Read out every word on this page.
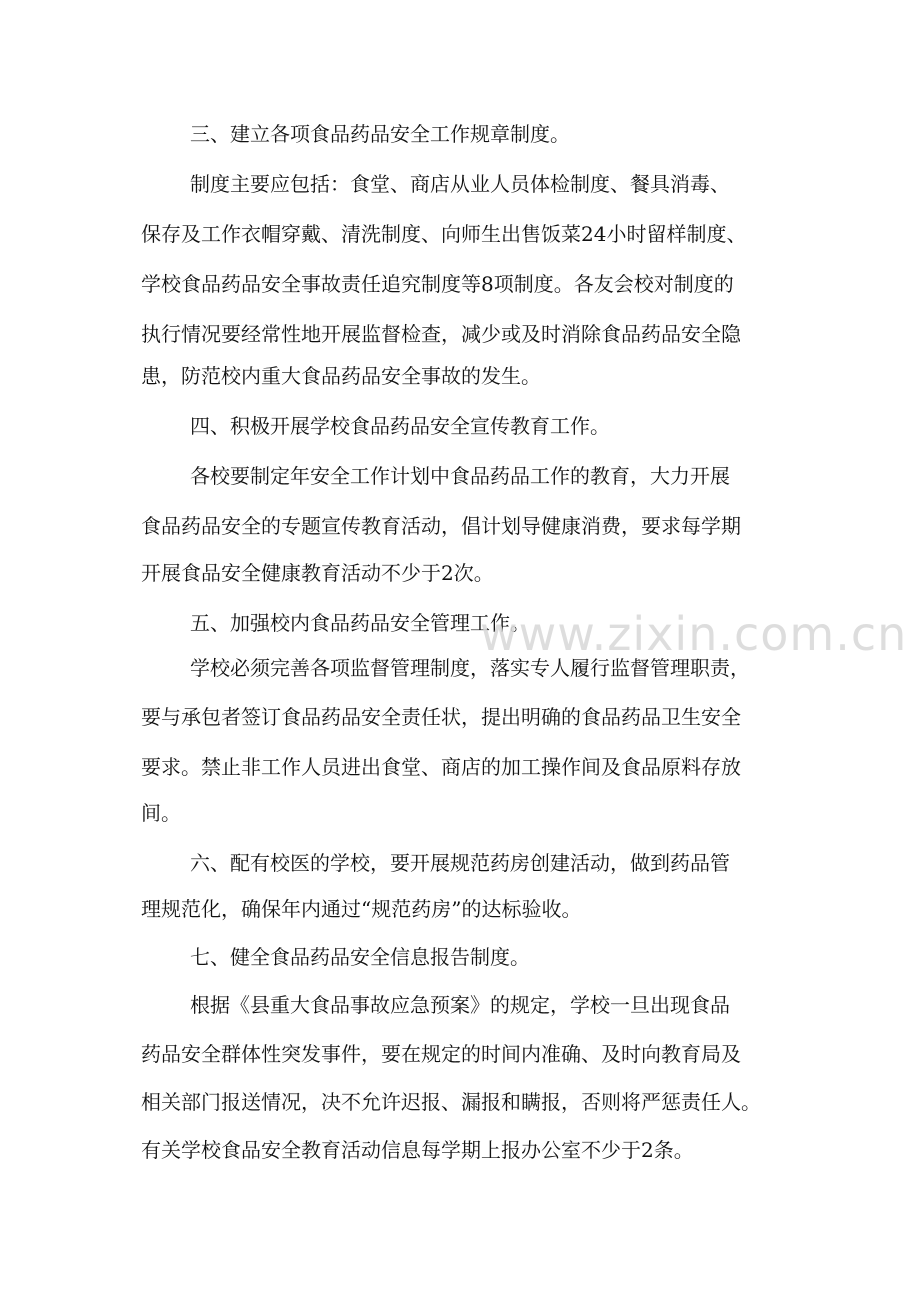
三、建立各项食品药品安全工作规章制度。
制度主要应包括：食堂、商店从业人员体检制度、餐具消毒、
保存及工作衣帽穿戴、清洗制度、向师生出售饭菜24小时留样制度、
学校食品药品安全事故责任追究制度等8项制度。各友会校对制度的
执行情况要经常性地开展监督检查，减少或及时消除食品药品安全隐
患，防范校内重大食品药品安全事故的发生。
四、积极开展学校食品药品安全宣传教育工作。
各校要制定年安全工作计划中食品药品工作的教育，大力开展
食品药品安全的专题宣传教育活动，倡计划导健康消费，要求每学期
开展食品安全健康教育活动不少于2次。
五、加强校内食品药品安全管理工作。
学校必须完善各项监督管理制度，落实专人履行监督管理职责，
要与承包者签订食品药品安全责任状，提出明确的食品药品卫生安全
要求。禁止非工作人员进出食堂、商店的加工操作间及食品原料存放
间。
六、配有校医的学校，要开展规范药房创建活动，做到药品管
理规范化，确保年内通过“规范药房”的达标验收。
七、健全食品药品安全信息报告制度。
根据《县重大食品事故应急预案》的规定，学校一旦出现食品
药品安全群体性突发事件，要在规定的时间内准确、及时向教育局及
相关部门报送情况，决不允许迟报、漏报和瞒报，否则将严惩责任人。
有关学校食品安全教育活动信息每学期上报办公室不少于2条。
www.zixin.com.cn
